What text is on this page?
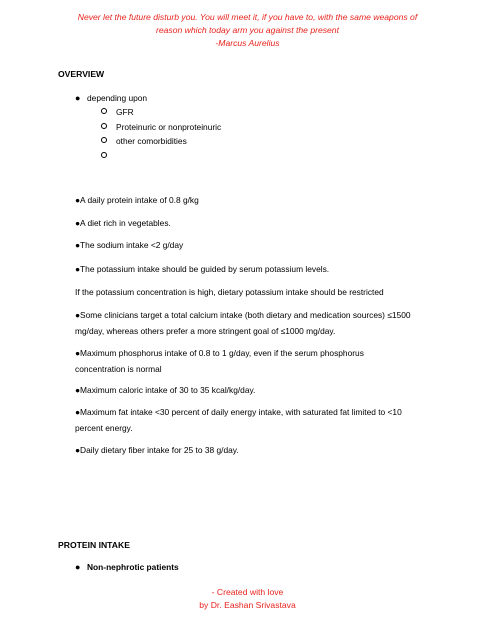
Never let the future disturb you. You will meet it, if you have to, with the same weapons of
reason which today arm you against the present
-Marcus Aurelius
OVERVIEW
● depending upon
GFR
Proteinuric or nonproteinuric
other comorbidities
●A daily protein intake of 0.8 g/kg
●A diet rich in vegetables.
●The sodium intake <2 g/day
●The potassium intake should be guided by serum potassium levels.
If the potassium concentration is high, dietary potassium intake should be restricted
●Some clinicians target a total calcium intake (both dietary and medication sources) ≤1500
mg/day, whereas others prefer a more stringent goal of ≤1000 mg/day.
●Maximum phosphorus intake of 0.8 to 1 g/day, even if the serum phosphorus
concentration is normal
●Maximum caloric intake of 30 to 35 kcal/kg/day.
●Maximum fat intake <30 percent of daily energy intake, with saturated fat limited to <10
percent energy.
●Daily dietary fiber intake for 25 to 38 g/day.
PROTEIN INTAKE
● Non-nephrotic patients
- Created with love
by Dr. Eashan Srivastava
